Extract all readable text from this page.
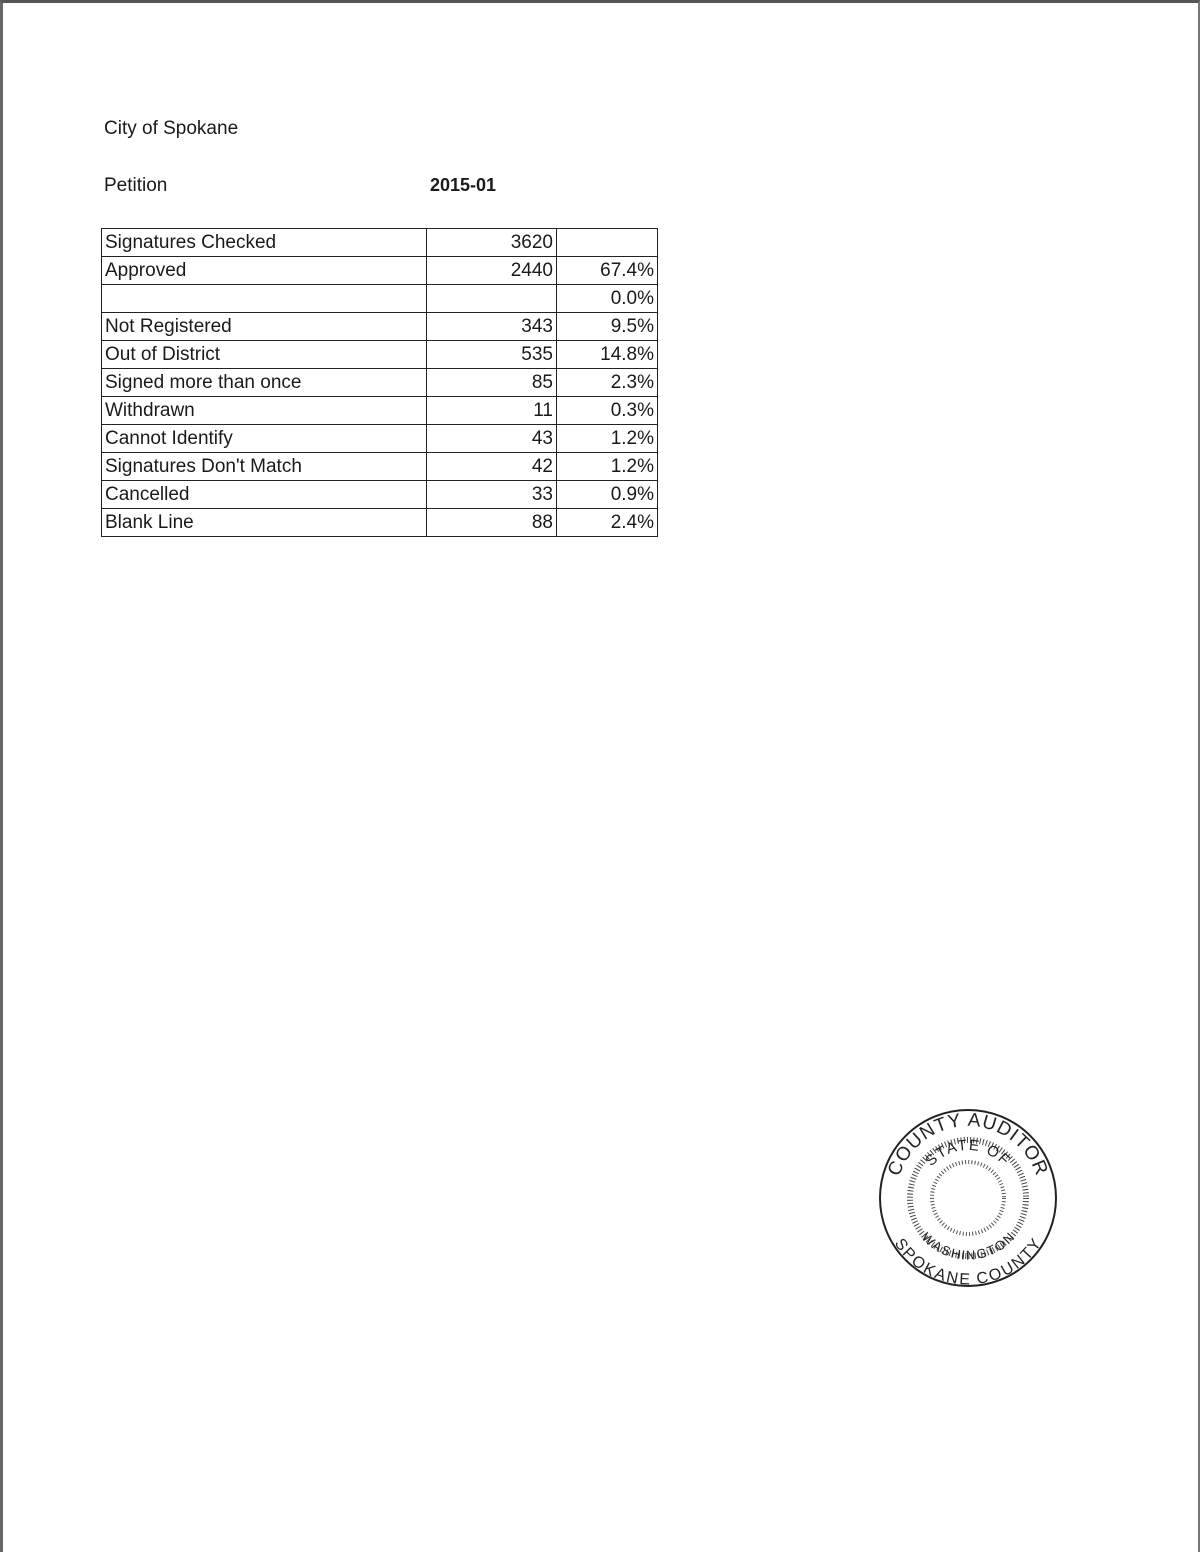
City of Spokane
Petition	2015-01
Signatures Checked	3620	
Approved	2440	67.4%
		0.0%
Not Registered	343	9.5%
Out of District	535	14.8%
Signed more than once	85	2.3%
Withdrawn	11	0.3%
Cannot Identify	43	1.2%
Signatures Don't Match	42	1.2%
Cancelled	33	0.9%
Blank Line	88	2.4%
COUNTY AUDITOR
SPOKANE COUNTY
STATE OF
WASHINGTON
